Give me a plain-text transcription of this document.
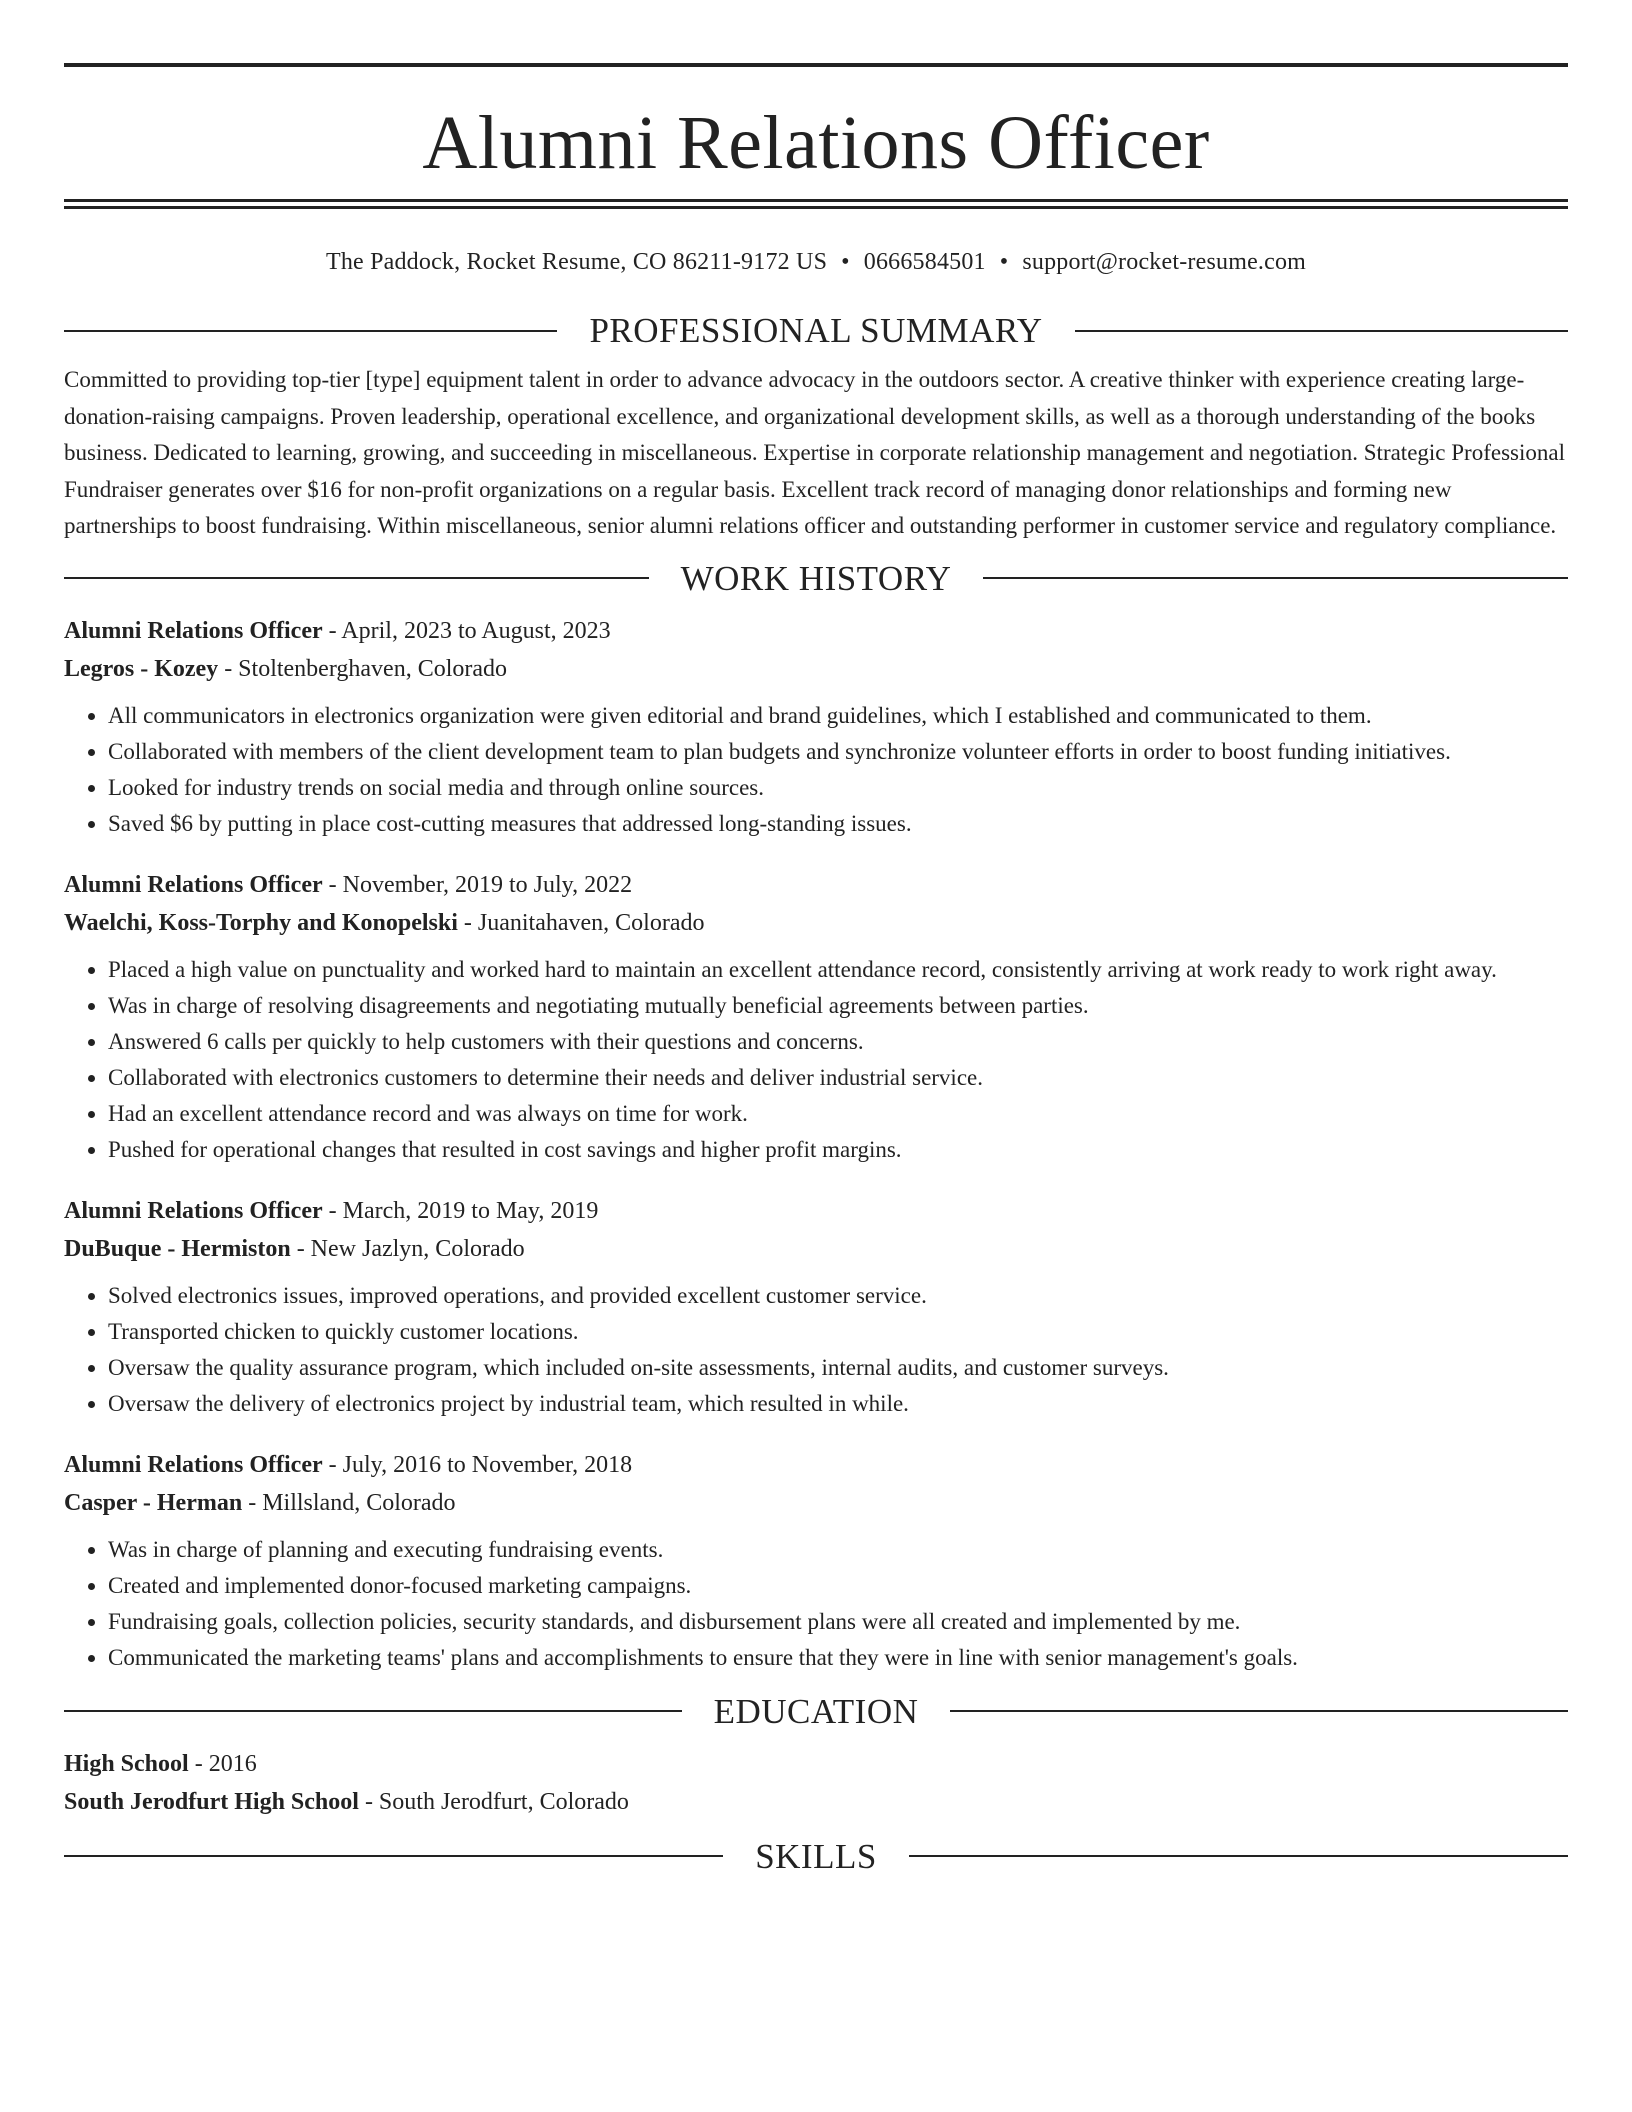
Alumni Relations Officer
The Paddock, Rocket Resume, CO 86211-9172 US • 0666584501 • support@rocket-resume.com
PROFESSIONAL SUMMARY

Committed to providing top-tier [type] equipment talent in order to advance advocacy in the outdoors sector. A creative thinker with experience creating large-donation-raising campaigns. Proven leadership, operational excellence, and organizational development skills, as well as a thorough understanding of the books business. Dedicated to learning, growing, and succeeding in miscellaneous. Expertise in corporate relationship management and negotiation. Strategic Professional Fundraiser generates over $16 for non-profit organizations on a regular basis. Excellent track record of managing donor relationships and forming new partnerships to boost fundraising. Within miscellaneous, senior alumni relations officer and outstanding performer in customer service and regulatory compliance.

WORK HISTORY
Alumni Relations Officer - April, 2023 to August, 2023
Legros - Kozey - Stoltenberghaven, Colorado
• All communicators in electronics organization were given editorial and brand guidelines, which I established and communicated to them.
• Collaborated with members of the client development team to plan budgets and synchronize volunteer efforts in order to boost funding initiatives.
• Looked for industry trends on social media and through online sources.
• Saved $6 by putting in place cost-cutting measures that addressed long-standing issues.
Alumni Relations Officer - November, 2019 to July, 2022
Waelchi, Koss-Torphy and Konopelski - Juanitahaven, Colorado
• Placed a high value on punctuality and worked hard to maintain an excellent attendance record, consistently arriving at work ready to work right away.
• Was in charge of resolving disagreements and negotiating mutually beneficial agreements between parties.
• Answered 6 calls per quickly to help customers with their questions and concerns.
• Collaborated with electronics customers to determine their needs and deliver industrial service.
• Had an excellent attendance record and was always on time for work.
• Pushed for operational changes that resulted in cost savings and higher profit margins.
Alumni Relations Officer - March, 2019 to May, 2019
DuBuque - Hermiston - New Jazlyn, Colorado
• Solved electronics issues, improved operations, and provided excellent customer service.
• Transported chicken to quickly customer locations.
• Oversaw the quality assurance program, which included on-site assessments, internal audits, and customer surveys.
• Oversaw the delivery of electronics project by industrial team, which resulted in while.
Alumni Relations Officer - July, 2016 to November, 2018
Casper - Herman - Millsland, Colorado
• Was in charge of planning and executing fundraising events.
• Created and implemented donor-focused marketing campaigns.
• Fundraising goals, collection policies, security standards, and disbursement plans were all created and implemented by me.
• Communicated the marketing teams' plans and accomplishments to ensure that they were in line with senior management's goals.
EDUCATION
High School - 2016
South Jerodfurt High School - South Jerodfurt, Colorado
SKILLS
